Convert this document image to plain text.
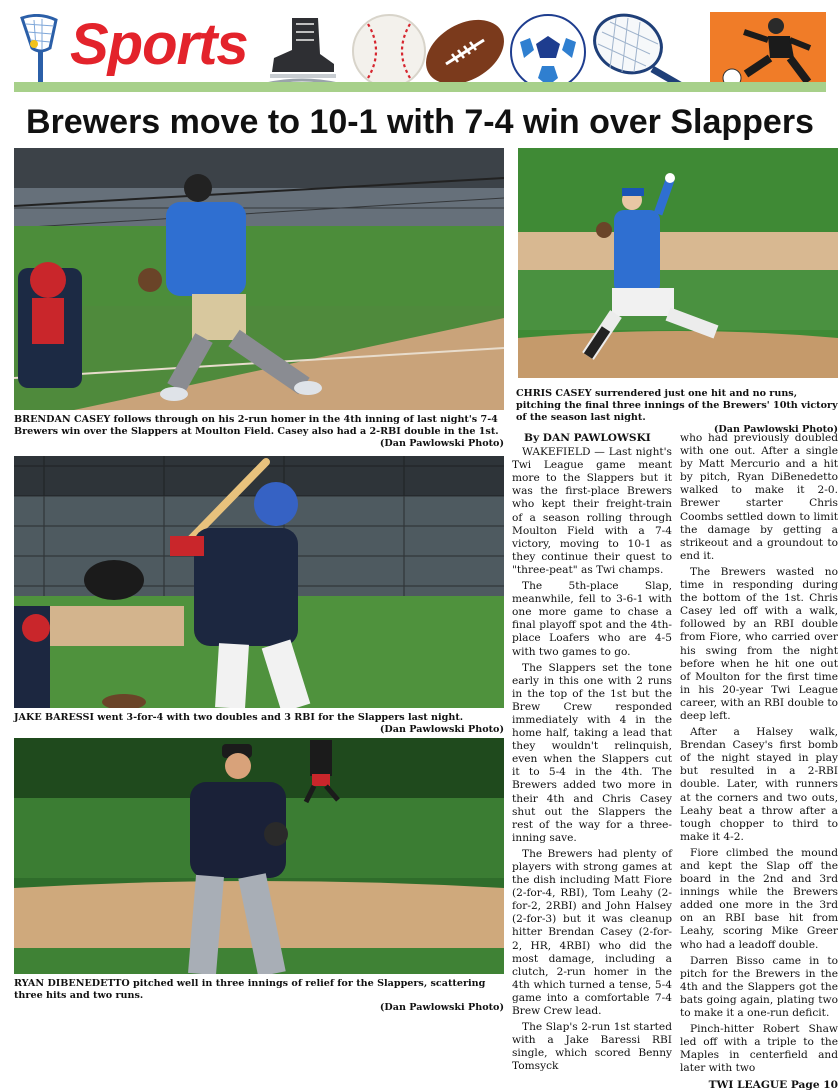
Sports
Brewers move to 10-1 with 7-4 win over Slappers
BRENDAN CASEY follows through on his 2-run homer in the 4th inning of last night's 7-4 Brewers win over the Slappers at Moulton Field. Casey also had a 2-RBI double in the 1st.
(Dan Pawlowski Photo)
CHRIS CASEY surrendered just one hit and no runs, pitching the final three innings of the Brewers' 10th victory of the season last night.
(Dan Pawlowski Photo)
JAKE BARESSI went 3-for-4 with two doubles and 3 RBI for the Slappers last night.
(Dan Pawlowski Photo)
RYAN DIBENEDETTO pitched well in three innings of relief for the Slappers, scattering three hits and two runs.
(Dan Pawlowski Photo)
By DAN PAWLOWSKI

WAKEFIELD — Last night's Twi League game meant more to the Slappers but it was the first-place Brewers who kept their freight-train of a season rolling through Moulton Field with a 7-4 victory, moving to 10-1 as they continue their quest to "three-peat" as Twi champs.

The 5th-place Slap, meanwhile, fell to 3-6-1 with one more game to chase a final playoff spot and the 4th-place Loafers who are 4-5 with two games to go.

The Slappers set the tone early in this one with 2 runs in the top of the 1st but the Brew Crew responded immediately with 4 in the home half, taking a lead that they wouldn't relinquish, even when the Slappers cut it to 5-4 in the 4th. The Brewers added two more in their 4th and Chris Casey shut out the Slappers the rest of the way for a three-inning save.

The Brewers had plenty of players with strong games at the dish including Matt Fiore (2-for-4, RBI), Tom Leahy (2-for-2, 2RBI) and John Halsey (2-for-3) but it was cleanup hitter Brendan Casey (2-for-2, HR, 4RBI) who did the most damage, including a clutch, 2-run homer in the 4th which turned a tense, 5-4 game into a comfortable 7-4 Brew Crew lead.

The Slap's 2-run 1st started with a Jake Baressi RBI single, which scored Benny Tomsyck

who had previously doubled with one out. After a single by Matt Mercurio and a hit by pitch, Ryan DiBenedetto walked to make it 2-0. Brewer starter Chris Coombs settled down to limit the damage by getting a strikeout and a groundout to end it.

The Brewers wasted no time in responding during the bottom of the 1st. Chris Casey led off with a walk, followed by an RBI double from Fiore, who carried over his swing from the night before when he hit one out of Moulton for the first time in his 20-year Twi League career, with an RBI double to deep left.

After a Halsey walk, Brendan Casey's first bomb of the night stayed in play but resulted in a 2-RBI double. Later, with runners at the corners and two outs, Leahy beat a throw after a tough chopper to third to make it 4-2.

Fiore climbed the mound and kept the Slap off the board in the 2nd and 3rd innings while the Brewers added one more in the 3rd on an RBI base hit from Leahy, scoring Mike Greer who had a leadoff double.

Darren Bisso came in to pitch for the Brewers in the 4th and the Slappers got the bats going again, plating two to make it a one-run deficit.

Pinch-hitter Robert Shaw led off with a triple to the Maples in centerfield and later with two

TWI LEAGUE Page 10
